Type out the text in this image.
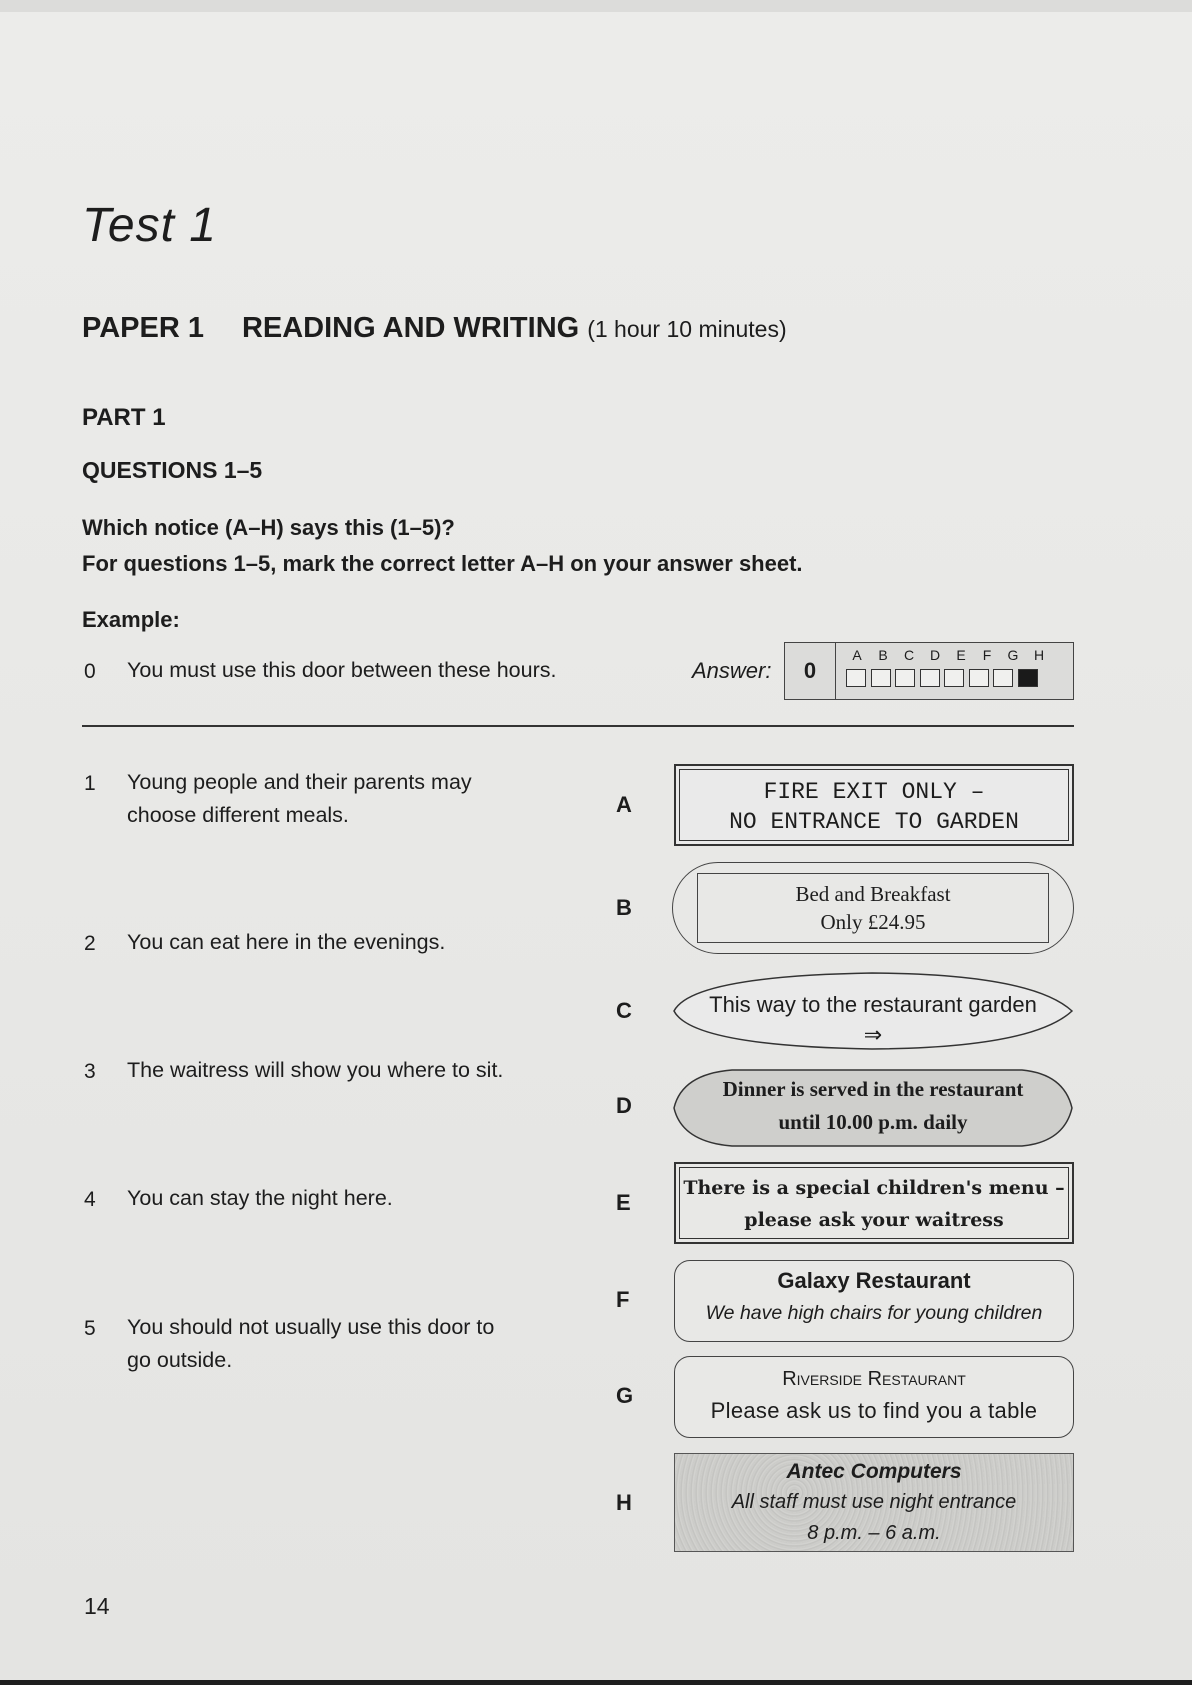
Test 1
PAPER 1 READING AND WRITING (1 hour 10 minutes)
PART 1
QUESTIONS 1–5
Which notice (A–H) says this (1–5)?
For questions 1–5, mark the correct letter A–H on your answer sheet.
Example:
0 You must use this door between these hours.	Answer:	0
A	B	C	D	E	F	G	H
1 Young people and their parents may
choose different meals.
2 You can eat here in the evenings.
3 The waitress will show you where to sit.
4 You can stay the night here.
5 You should not usually use this door to
go outside.
A
B
C
D
E
F
G
H
FIRE EXIT ONLY –
NO ENTRANCE TO GARDEN
Bed and Breakfast
Only £24.95
This way to the restaurant garden
⇒
Dinner is served in the restaurant
until 10.00 p.m. daily
There is a special children's menu –
please ask your waitress
Galaxy Restaurant
We have high chairs for young children
Riverside Restaurant
Please ask us to find you a table
Antec Computers
All staff must use night entrance
8 p.m. – 6 a.m.
14
